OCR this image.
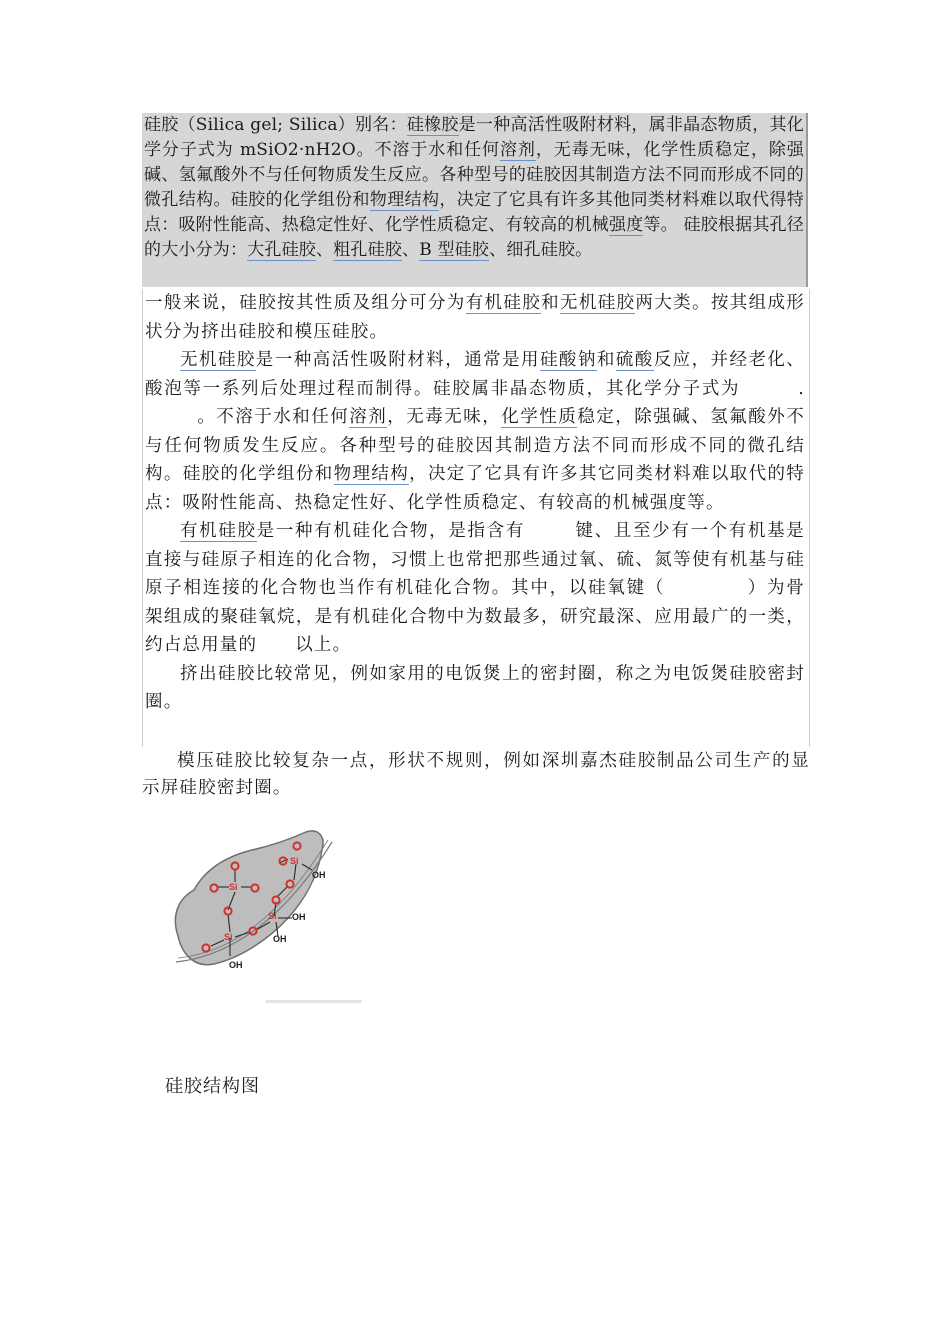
硅胶（Silica gel; Silica）别名：硅橡胶是一种高活性吸附材料，属非晶态物质，其化学分子式为 mSiO2·nH2O。不溶于水和任何溶剂，无毒无味，化学性质稳定，除强碱、氢氟酸外不与任何物质发生反应。各种型号的硅胶因其制造方法不同而形成不同的微孔结构。硅胶的化学组份和物理结构，决定了它具有许多其他同类材料难以取代得特点：吸附性能高、热稳定性好、化学性质稳定、有较高的机械强度等。 硅胶根据其孔径的大小分为：大孔硅胶、粗孔硅胶、B 型硅胶、细孔硅胶。

一般来说，硅胶按其性质及组分可分为有机硅胶和无机硅胶两大类。按其组成形状分为挤出硅胶和模压硅胶。

无机硅胶是一种高活性吸附材料，通常是用硅酸钠和硫酸反应，并经老化、酸泡等一系列后处理过程而制得。硅胶属非晶态物质，其化学分子式为	.。不溶于水和任何溶剂，无毒无味，化学性质稳定，除强碱、氢氟酸外不与任何物质发生反应。各种型号的硅胶因其制造方法不同而形成不同的微孔结构。硅胶的化学组份和物理结构，决定了它具有许多其它同类材料难以取代的特点：吸附性能高、热稳定性好、化学性质稳定、有较高的机械强度等。

有机硅胶是一种有机硅化合物，是指含有	键、且至少有一个有机基是直接与硅原子相连的化合物，习惯上也常把那些通过氧、硫、氮等使有机基与硅原子相连接的化合物也当作有机硅化合物。其中，以硅氧键（	）为骨架组成的聚硅氧烷，是有机硅化合物中为数最多，研究最深、应用最广的一类，约占总用量的 以上。

挤出硅胶比较常见，例如家用的电饭煲上的密封圈，称之为电饭煲硅胶密封圈。

模压硅胶比较复杂一点，形状不规则，例如深圳嘉杰硅胶制品公司生产的显示屏硅胶密封圈。

Si
Si
Si
Si
OH
OH
OH
OH
硅胶结构图
